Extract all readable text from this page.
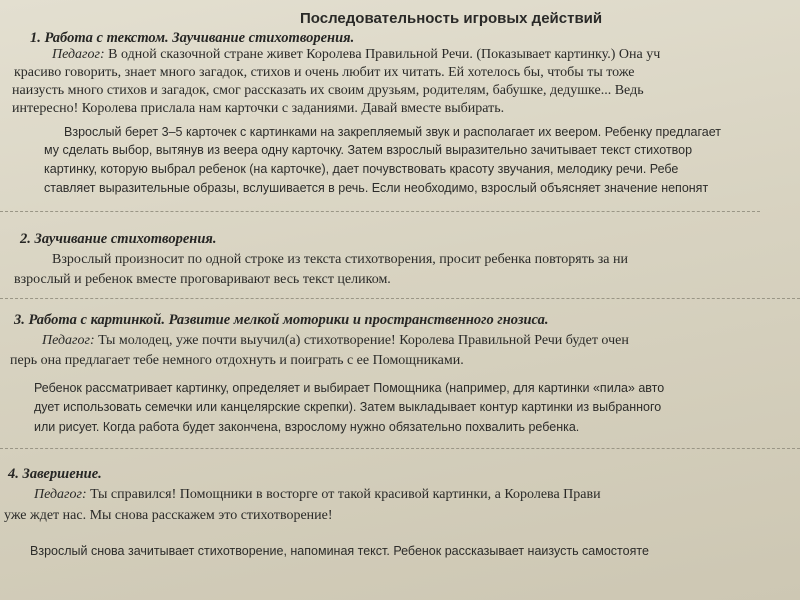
Последовательность игровых действий
1. Работа с текстом. Заучивание стихотворения.
Педагог: В одной сказочной стране живет Королева Правильной Речи. (Показывает картинку.) Она уч
красиво говорить, знает много загадок, стихов и очень любит их читать. Ей хотелось бы, чтобы ты тоже
наизусть много стихов и загадок, смог рассказать их своим друзьям, родителям, бабушке, дедушке... Ведь
интересно! Королева прислала нам карточки с заданиями. Давай вместе выбирать.
Взрослый берет 3–5 карточек с картинками на закрепляемый звук и располагает их веером. Ребенку предлагает
му сделать выбор, вытянув из веера одну карточку. Затем взрослый выразительно зачитывает текст стихотвор
картинку, которую выбрал ребенок (на карточке), дает почувствовать красоту звучания, мелодику речи. Ребе
ставляет выразительные образы, вслушивается в речь. Если необходимо, взрослый объясняет значение непонят
2. Заучивание стихотворения.
Взрослый произносит по одной строке из текста стихотворения, просит ребенка повторять за ни
взрослый и ребенок вместе проговаривают весь текст целиком.
3. Работа с картинкой. Развитие мелкой моторики и пространственного гнозиса.
Педагог: Ты молодец, уже почти выучил(а) стихотворение! Королева Правильной Речи будет очен
перь она предлагает тебе немного отдохнуть и поиграть с ее Помощниками.
Ребенок рассматривает картинку, определяет и выбирает Помощника (например, для картинки «пила» авто
дует использовать семечки или канцелярские скрепки). Затем выкладывает контур картинки из выбранного
или рисует. Когда работа будет закончена, взрослому нужно обязательно похвалить ребенка.
4. Завершение.
Педагог: Ты справился! Помощники в восторге от такой красивой картинки, а Королева Прави
уже ждет нас. Мы снова расскажем это стихотворение!
Взрослый снова зачитывает стихотворение, напоминая текст. Ребенок рассказывает наизусть самостояте
